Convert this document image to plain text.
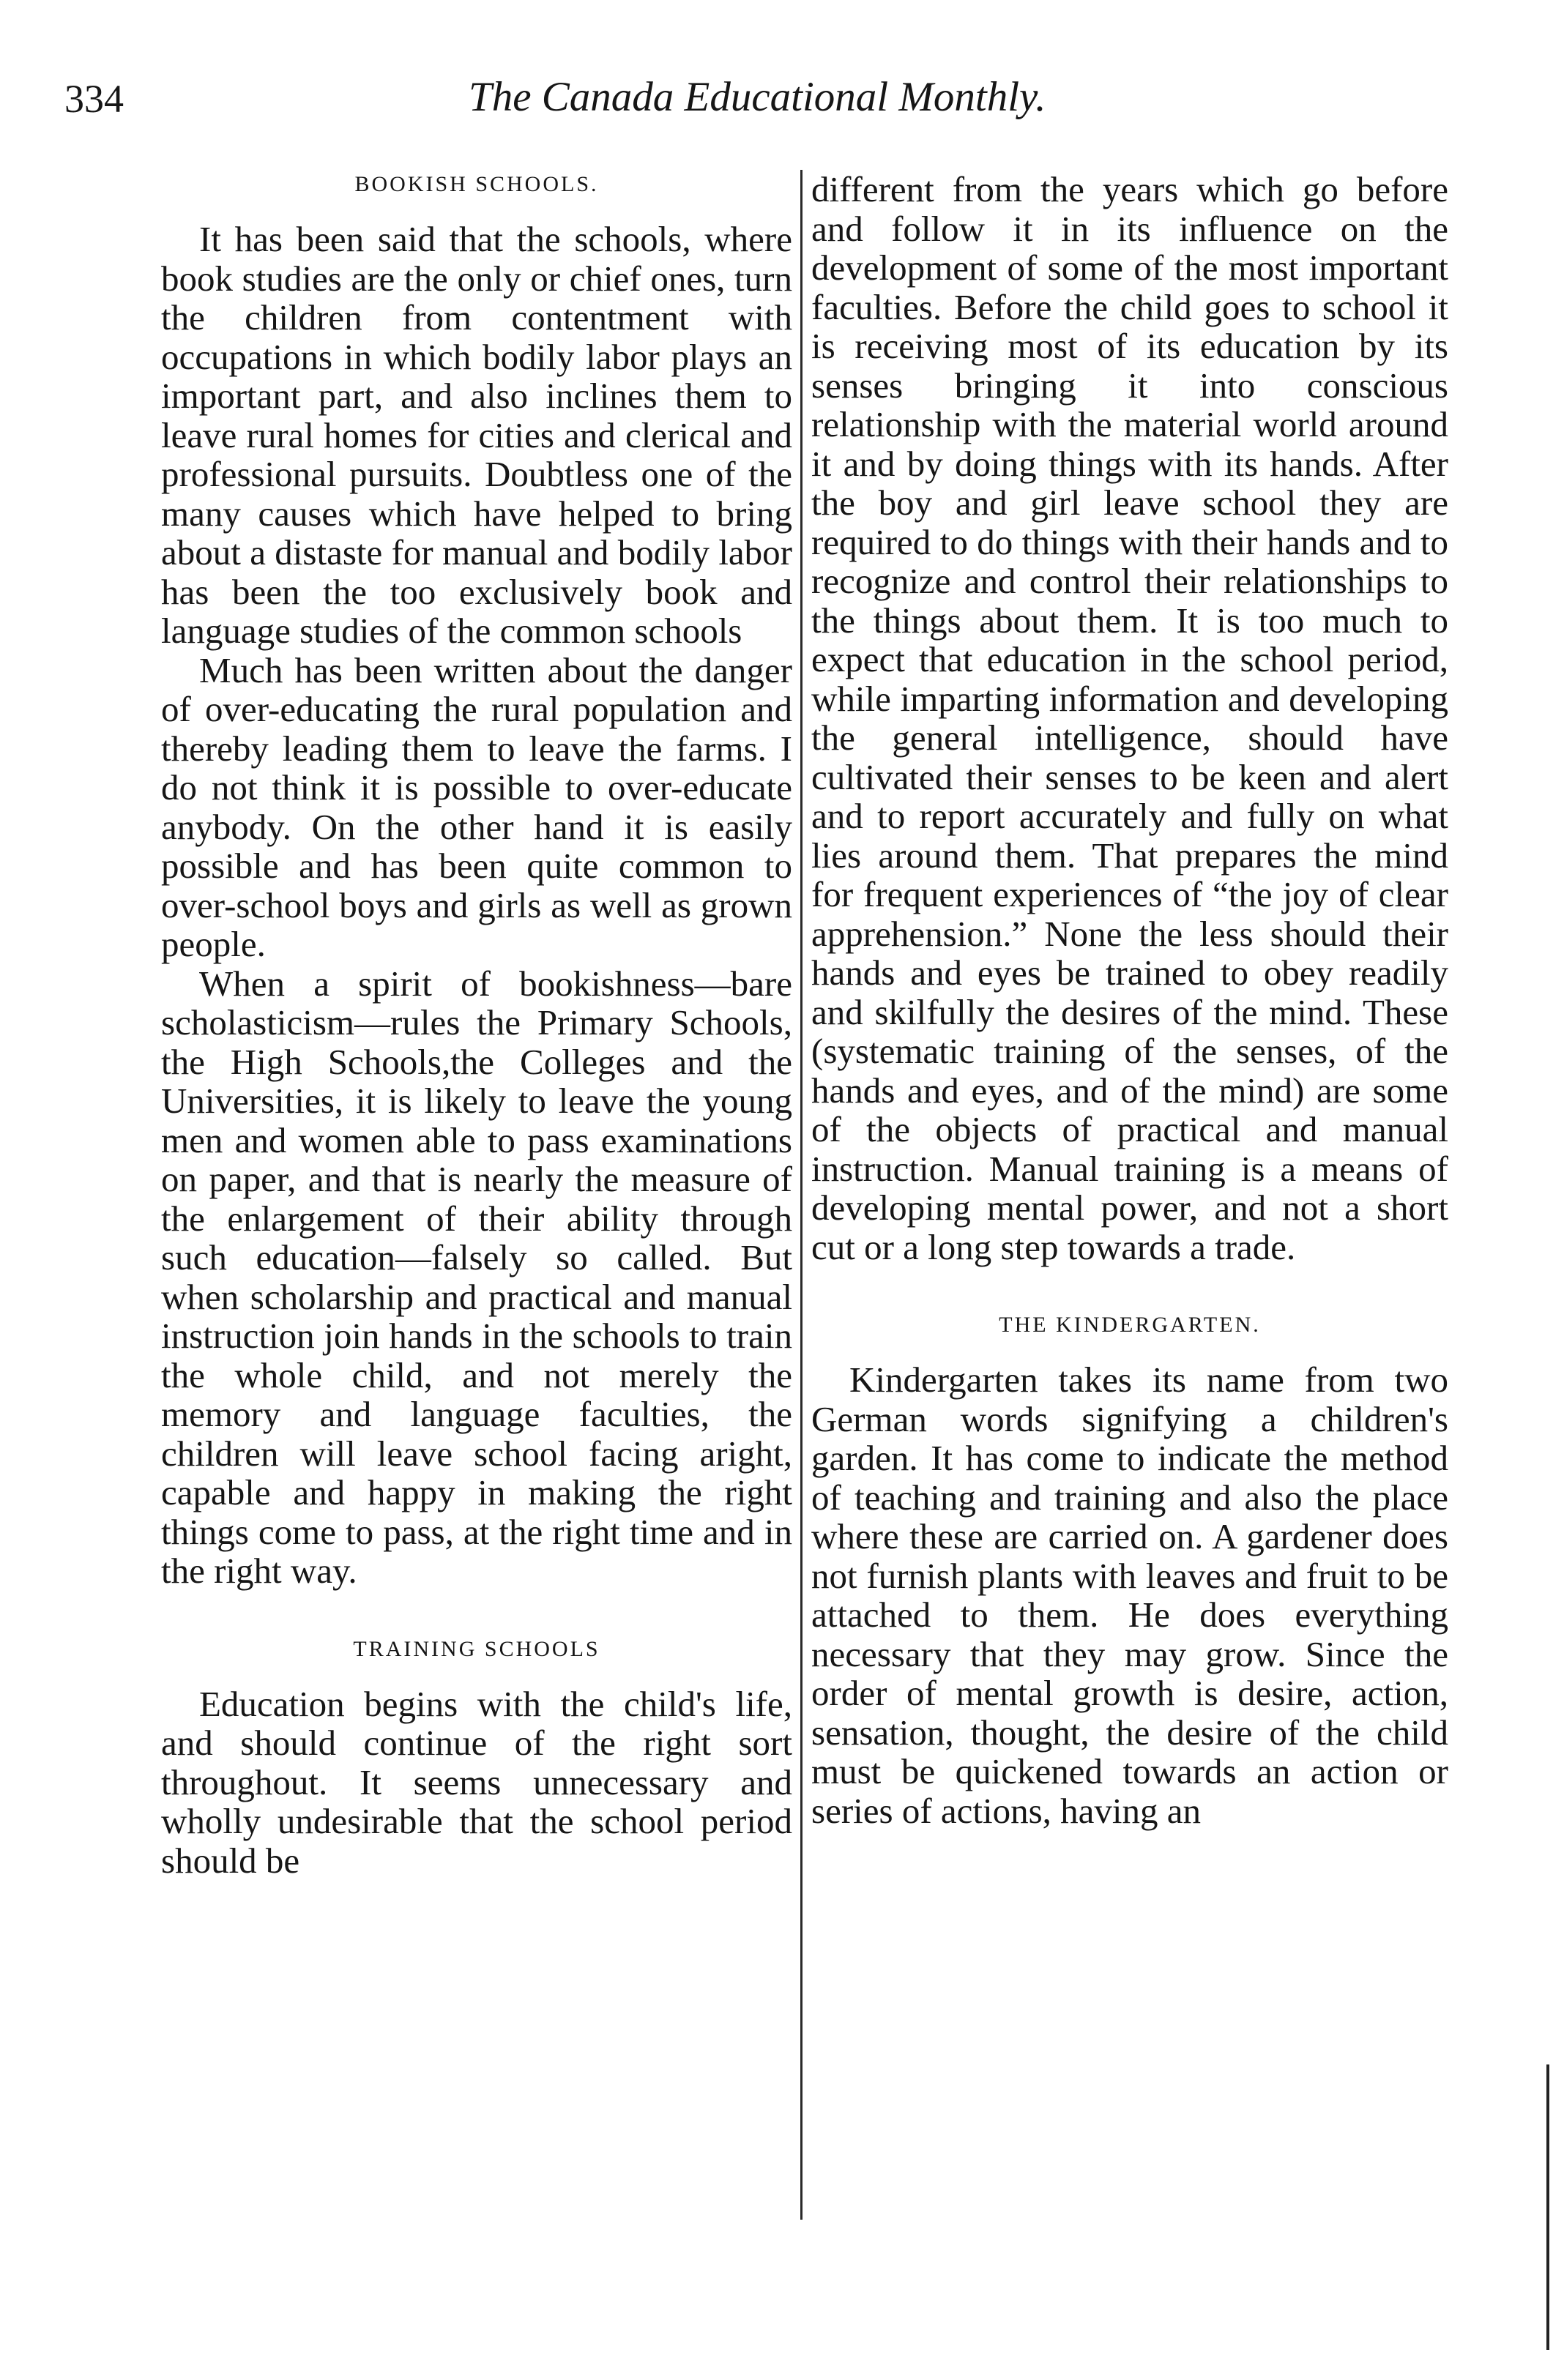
334	The Canada Educational Monthly.
BOOKISH SCHOOLS.

It has been said that the schools, where book studies are the only or chief ones, turn the children from contentment with occupations in which bodily labor plays an important part, and also inclines them to leave rural homes for cities and clerical and professional pursuits. Doubtless one of the many causes which have helped to bring about a distaste for manual and bodily labor has been the too exclusively book and language studies of the common schools

Much has been written about the danger of over-educating the rural population and thereby leading them to leave the farms. I do not think it is possible to over-educate anybody. On the other hand it is easily possible and has been quite common to over-school boys and girls as well as grown people.

When a spirit of bookishness—bare scholasticism—rules the Primary Schools, the High Schools,the Colleges and the Universities, it is likely to leave the young men and women able to pass examinations on paper, and that is nearly the measure of the enlargement of their ability through such education—falsely so called. But when scholarship and practical and manual instruction join hands in the schools to train the whole child, and not merely the memory and language faculties, the children will leave school facing aright, capable and happy in making the right things come to pass, at the right time and in the right way.

TRAINING SCHOOLS

Education begins with the child's life, and should continue of the right sort throughout. It seems unnecessary and wholly undesirable that the school period should be

different from the years which go before and follow it in its influence on the development of some of the most important faculties. Before the child goes to school it is receiving most of its education by its senses bringing it into conscious relationship with the material world around it and by doing things with its hands. After the boy and girl leave school they are required to do things with their hands and to recognize and control their relationships to the things about them. It is too much to expect that education in the school period, while imparting information and developing the general intelligence, should have cultivated their senses to be keen and alert and to report accurately and fully on what lies around them. That prepares the mind for frequent experiences of “the joy of clear apprehension.” None the less should their hands and eyes be trained to obey readily and skilfully the desires of the mind. These (systematic training of the senses, of the hands and eyes, and of the mind) are some of the objects of practical and manual instruction. Manual training is a means of developing mental power, and not a short cut or a long step towards a trade.

THE KINDERGARTEN.

Kindergarten takes its name from two German words signifying a children's garden. It has come to indicate the method of teaching and training and also the place where these are carried on. A gardener does not furnish plants with leaves and fruit to be attached to them. He does everything necessary that they may grow. Since the order of mental growth is desire, action, sensation, thought, the desire of the child must be quickened towards an action or series of actions, having an
